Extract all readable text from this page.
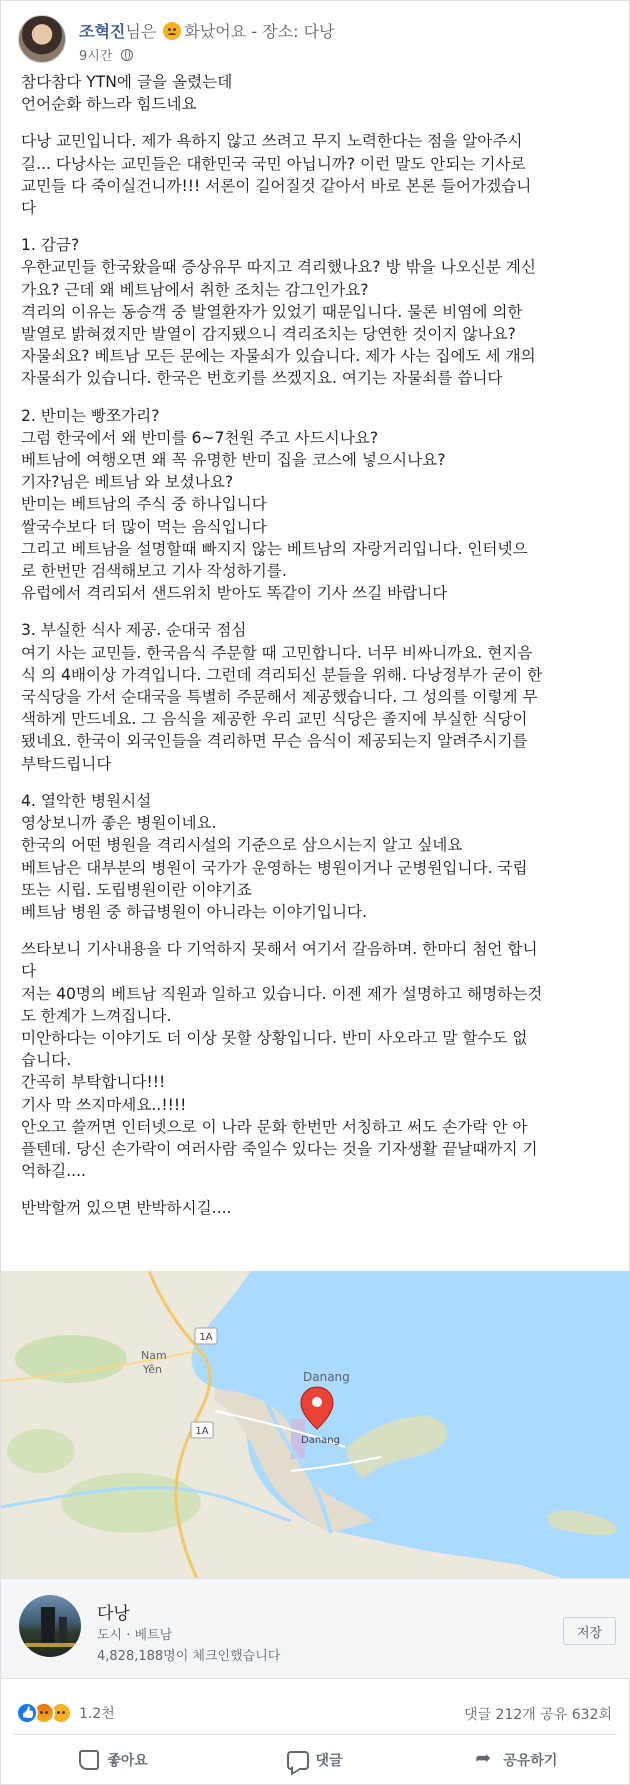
조혁진님은 화났어요 - 장소: 다낭
9시간
참다참다 YTN에 글을 올렸는데
언어순화 하느라 힘드네요
다낭 교민입니다. 제가 욕하지 않고 쓰려고 무지 노력한다는 점을 알아주시
길... 다낭사는 교민들은 대한민국 국민 아닙니까? 이런 말도 안되는 기사로
교민들 다 죽이실건니까!!! 서론이 길어질것 같아서 바로 본론 들어가겠습니
다
1. 감금?
우한교민들 한국왔을때 증상유무 따지고 격리했나요? 방 밖을 나오신분 계신
가요? 근데 왜 베트남에서 취한 조치는 감그인가요?
격리의 이유는 동승객 중 발열환자가 있었기 때문입니다. 물론 비염에 의한
발열로 밝혀졌지만 발열이 감지됐으니 격리조치는 당연한 것이지 않나요?
자물쇠요? 베트남 모든 문에는 자물쇠가 있습니다. 제가 사는 집에도 세 개의
자물쇠가 있습니다. 한국은 번호키를 쓰겠지요. 여기는 자물쇠를 씁니다
2. 반미는 빵쪼가리?
그럼 한국에서 왜 반미를 6~7천원 주고 사드시나요?
베트남에 여행오면 왜 꼭 유명한 반미 집을 코스에 넣으시나요?
기자?님은 베트남 와 보셨나요?
반미는 베트남의 주식 중 하나입니다
쌀국수보다 더 많이 먹는 음식입니다
그리고 베트남을 설명할때 빠지지 않는 베트남의 자랑거리입니다. 인터넷으
로 한번만 검색해보고 기사 작성하기를.
유럽에서 격리되서 샌드위치 받아도 똑같이 기사 쓰길 바랍니다
3. 부실한 식사 제공. 순대국 점심
여기 사는 교민들. 한국음식 주문할 때 고민합니다. 너무 비싸니까요. 현지음
식 의 4배이상 가격입니다. 그런데 격리되신 분들을 위해. 다낭정부가 굳이 한
국식당을 가서 순대국을 특별히 주문해서 제공했습니다. 그 성의를 이렇게 무
색하게 만드네요. 그 음식을 제공한 우리 교민 식당은 졸지에 부실한 식당이
됐네요. 한국이 외국인들을 격리하면 무슨 음식이 제공되는지 알려주시기를
부탁드립니다
4. 열악한 병원시설
영상보니까 좋은 병원이네요.
한국의 어떤 병원을 격리시설의 기준으로 삼으시는지 알고 싶네요
베트남은 대부분의 병원이 국가가 운영하는 병원이거나 군병원입니다. 국립
또는 시립. 도립병원이란 이야기죠
베트남 병원 중 하급병원이 아니라는 이야기입니다.
쓰타보니 기사내용을 다 기억하지 못해서 여기서 갈음하며. 한마디 첨언 합니
다
저는 40명의 베트남 직원과 일하고 있습니다. 이젠 제가 설명하고 해명하는것
도 한계가 느껴집니다.
미안하다는 이야기도 더 이상 못할 상황입니다. 반미 사오라고 말 할수도 없
습니다.
간곡히 부탁합니다!!!
기사 막 쓰지마세요..!!!!
안오고 쓸꺼면 인터넷으로 이 나라 문화 한번만 서칭하고 써도 손가락 안 아
플텐데. 당신 손가락이 여러사람 죽일수 있다는 것을 기자생활 끝날때까지 기
억하길....
반박할꺼 있으면 반박하시길....
1A
1A
Nam
Yên
Danang
Danang
다낭
도시 · 베트남
4,828,188명이 체크인했습니다
저장
👍
1.2천	댓글 212개 공유 632회
좋아요	댓글
➦	공유하기
